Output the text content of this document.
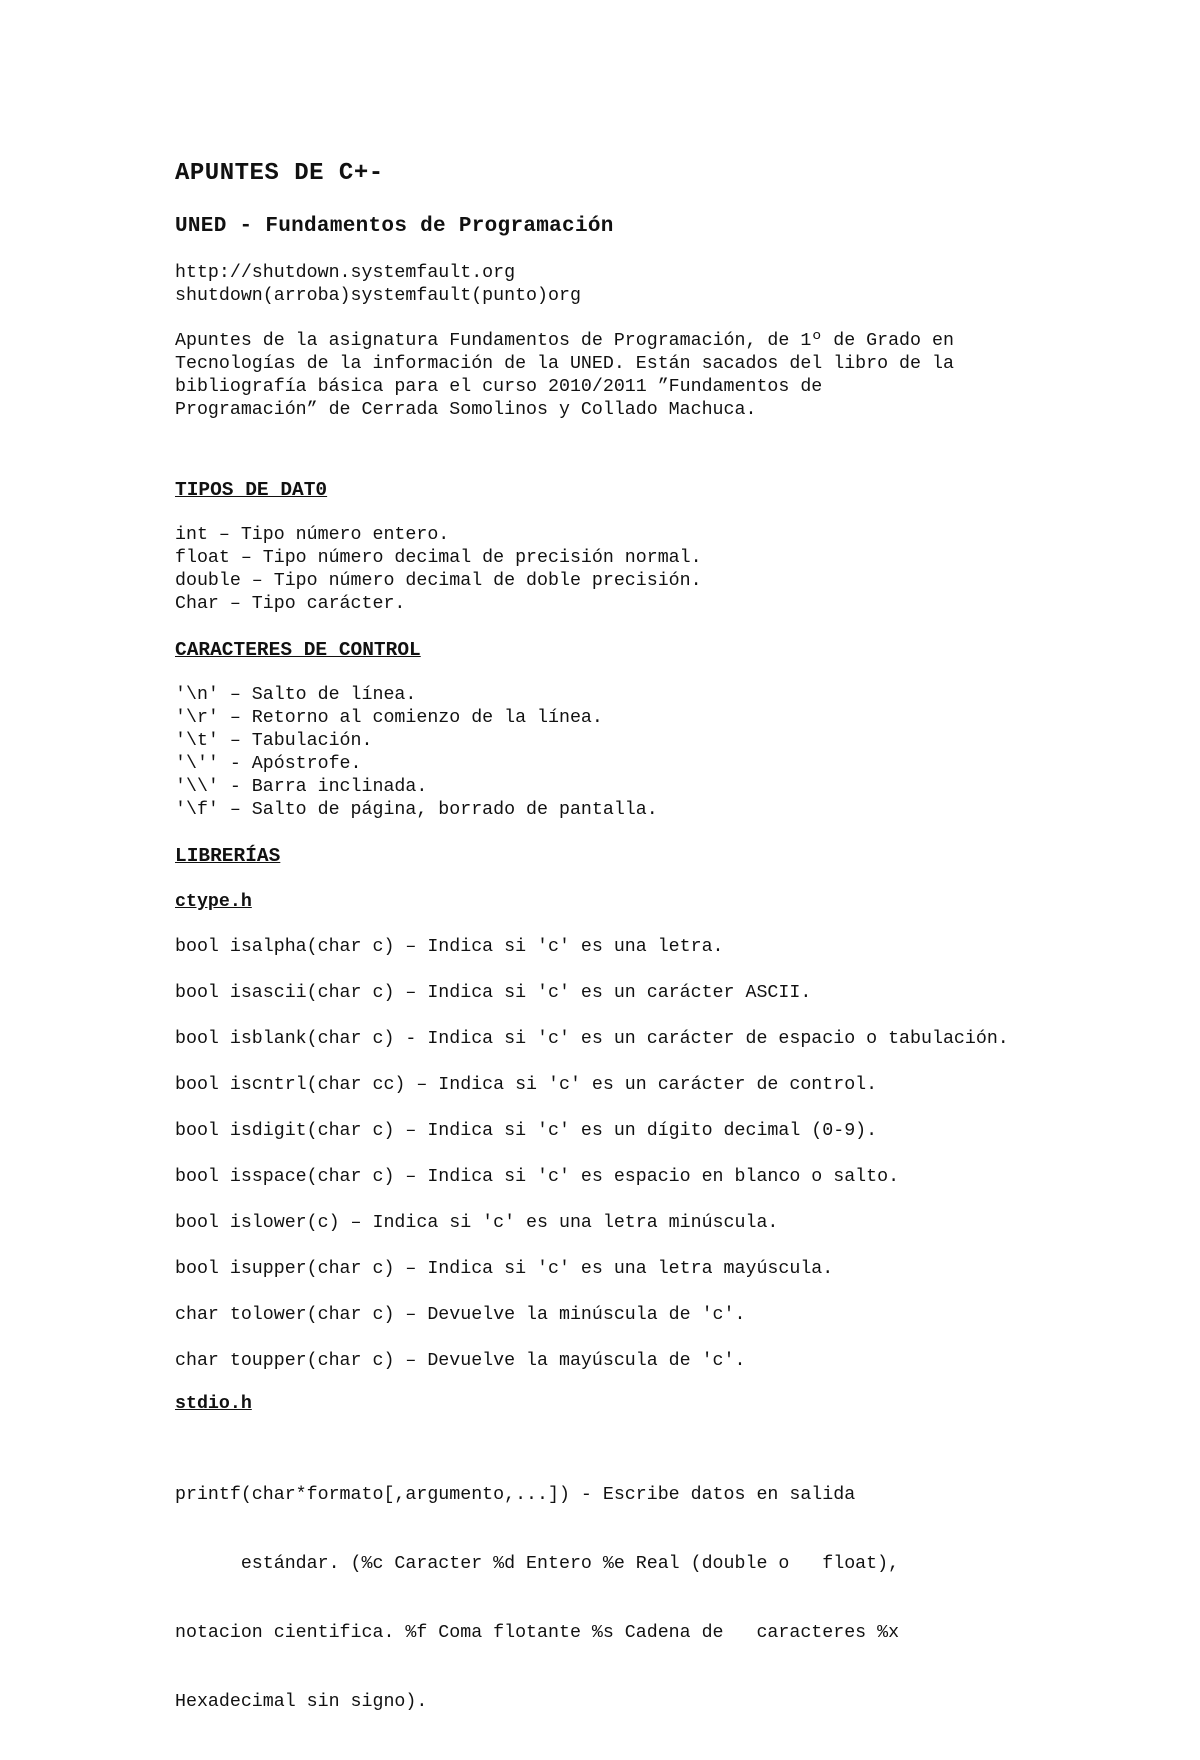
APUNTES DE C+-
UNED - Fundamentos de Programación
http://shutdown.systemfault.org
shutdown(arroba)systemfault(punto)org
Apuntes de la asignatura Fundamentos de Programación, de 1º de Grado en
Tecnologías de la información de la UNED. Están sacados del libro de la
bibliografía básica para el curso 2010/2011 ”Fundamentos de
Programación” de Cerrada Somolinos y Collado Machuca.
TIPOS DE DAT0
int – Tipo número entero.
float – Tipo número decimal de precisión normal.
double – Tipo número decimal de doble precisión.
Char – Tipo carácter.
CARACTERES DE CONTROL
'\n' – Salto de línea.
'\r' – Retorno al comienzo de la línea.
'\t' – Tabulación.
'\'' - Apóstrofe.
'\\' - Barra inclinada.
'\f' – Salto de página, borrado de pantalla.
LIBRERÍAS
ctype.h
bool isalpha(char c) – Indica si 'c' es una letra.
bool isascii(char c) – Indica si 'c' es un carácter ASCII.
bool isblank(char c) - Indica si 'c' es un carácter de espacio o tabulación.
bool iscntrl(char cc) – Indica si 'c' es un carácter de control.
bool isdigit(char c) – Indica si 'c' es un dígito decimal (0-9).
bool isspace(char c) – Indica si 'c' es espacio en blanco o salto.
bool islower(c) – Indica si 'c' es una letra minúscula.
bool isupper(char c) – Indica si 'c' es una letra mayúscula.
char tolower(char c) – Devuelve la minúscula de 'c'.
char toupper(char c) – Devuelve la mayúscula de 'c'.
stdio.h

printf(char*formato[,argumento,...]) - Escribe datos en salida

estándar. (%c Caracter %d Entero %e Real (double o   float),

notacion cientifica. %f Coma flotante %s Cadena de   caracteres %x

Hexadecimal sin signo).
